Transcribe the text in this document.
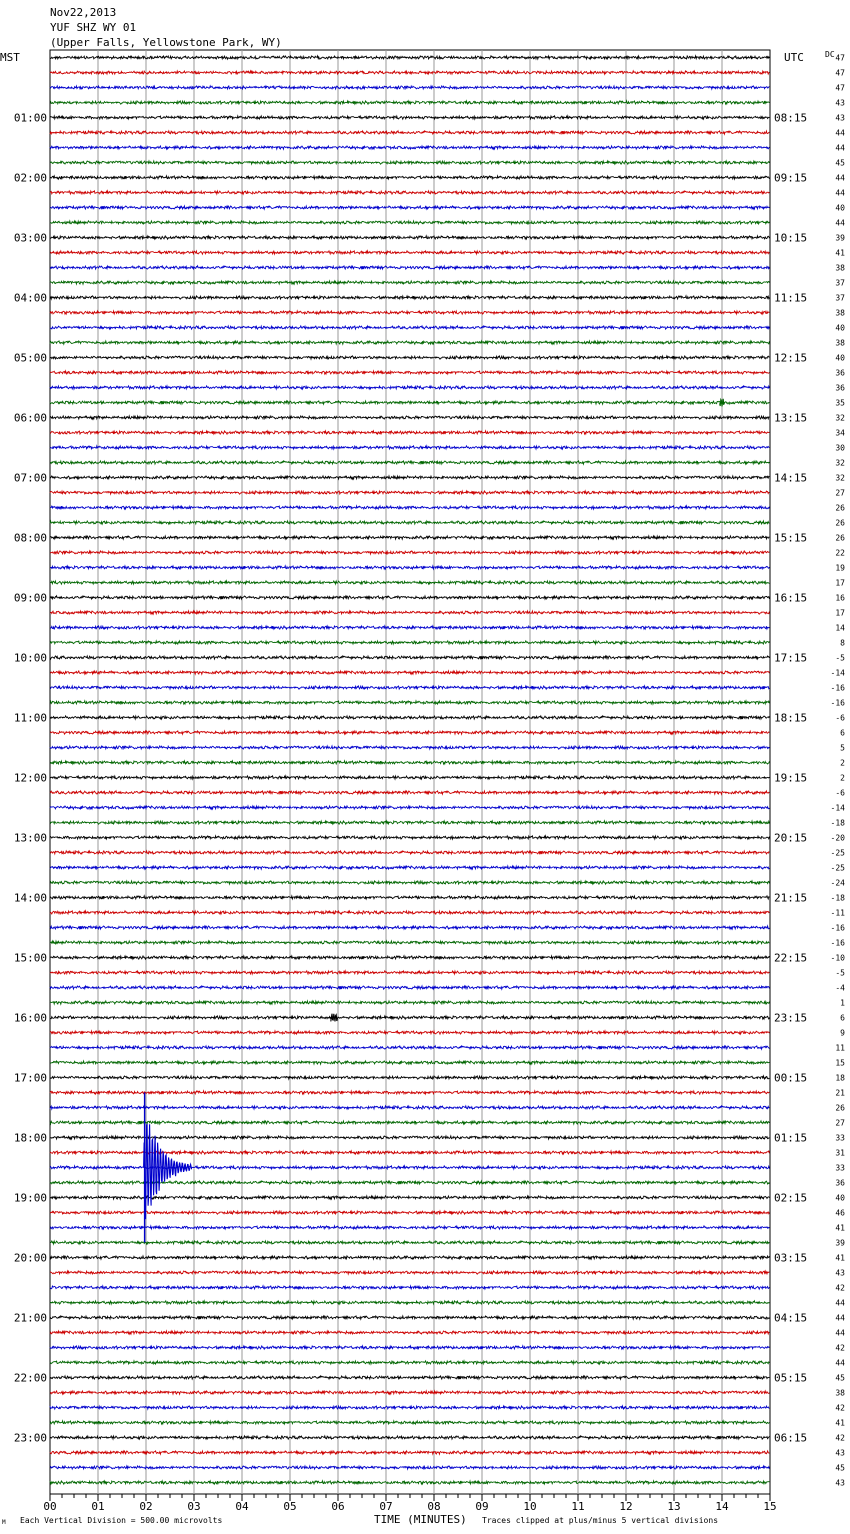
Nov22,2013
YUF SHZ WY 01
(Upper Falls, Yellowstone Park, WY)
MST	UTC	DC
01:00
02:00
03:00
04:00
05:00
06:00
07:00
08:00
09:00
10:00
11:00
12:00
13:00
14:00
15:00
16:00
17:00
18:00
19:00
20:00
21:00
22:00
23:00
08:15
09:15
10:15
11:15
12:15
13:15
14:15
15:15
16:15
17:15
18:15
19:15
20:15
21:15
22:15
23:15
00:15
01:15
02:15
03:15
04:15
05:15
06:15
47
47
47
43
43
44
44
45
44
44
40
44
39
41
38
37
37
38
40
38
40
36
36
35
32
34
30
32
32
27
26
26
26
22
19
17
16
17
14
8
-5
-14
-16
-16
-6
6
5
2
2
-6
-14
-18
-20
-25
-25
-24
-18
-11
-16
-16
-10
-5
-4
1
6
9
11
15
18
21
26
27
33
31
33
36
40
46
41
39
41
43
42
44
44
44
42
44
45
38
42
41
42
43
45
43
00	01	02	03	04	05	06	07	08	09	10	11	12	13	14	15
M Each Vertical Division = 500.00 microvolts	TIME (MINUTES) Traces clipped at plus/minus 5 vertical divisions
